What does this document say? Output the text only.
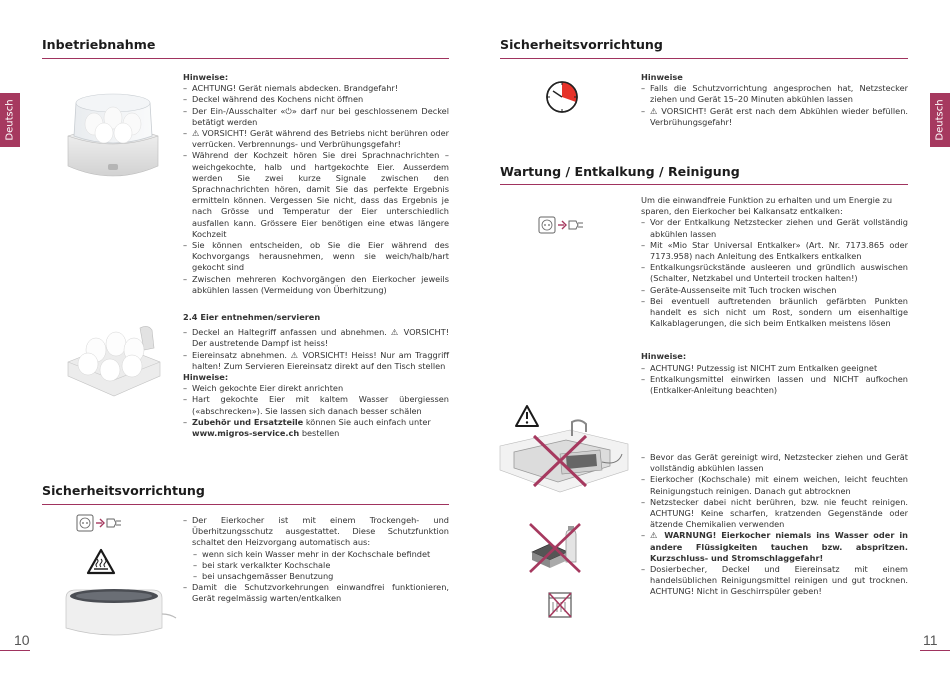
Inbetriebnahme
Deutsch

Hinweise:

– ACHTUNG! Gerät niemals abdecken. Brandgefahr!

– Deckel während des Kochens nicht öffnen

– Der Ein-/Ausschalter «⏻» darf nur bei geschlossenem Deckel betätigt werden

– ⚠ VORSICHT! Gerät während des Betriebs nicht berühren oder verrücken. Verbrennungs- und Verbrühungsgefahr!

– Während der Kochzeit hören Sie drei Sprachnachrichten – weichgekochte, halb und hartgekochte Eier. Ausserdem werden Sie zwei kurze Signale zwischen den Sprachnachrichten hören, damit Sie das perfekte Ergebnis ermitteln können. Vergessen Sie nicht, dass das Ergebnis je nach Grösse und Temperatur der Eier unterschiedlich ausfallen kann. Grössere Eier benötigen eine etwas längere Kochzeit

– Sie können entscheiden, ob Sie die Eier während des Kochvorgangs herausnehmen, wenn sie weich/halb/hart gekocht sind

– Zwischen mehreren Kochvorgängen den Eierkocher jeweils abkühlen lassen (Vermeidung von Überhitzung)

2.4 Eier entnehmen/servieren

– Deckel an Haltegriff anfassen und abnehmen. ⚠ VORSICHT! Der austretende Dampf ist heiss!

– Eiereinsatz abnehmen. ⚠ VORSICHT! Heiss! Nur am Traggriff halten! Zum Servieren Eiereinsatz direkt auf den Tisch stellen

Hinweise:

– Weich gekochte Eier direkt anrichten

– Hart gekochte Eier mit kaltem Wasser übergiessen («abschrecken»). Sie lassen sich danach besser schälen

– Zubehör und Ersatzteile können Sie auch einfach unter
www.migros-service.ch bestellen

Sicherheitsvorrichtung

– Der Eierkocher ist mit einem Trockengeh- und Überhitzungsschutz ausgestattet. Diese Schutzfunktion schaltet den Heizvorgang automatisch aus:

– wenn sich kein Wasser mehr in der Kochschale befindet

– bei stark verkalkter Kochschale

– bei unsachgemässer Benutzung

– Damit die Schutzvorkehrungen einwandfrei funktionieren, Gerät regelmässig warten/entkalken

10
Sicherheitsvorrichtung
Deutsch

Hinweise

– Falls die Schutzvorrichtung angesprochen hat, Netzstecker ziehen und Gerät 15–20 Minuten abkühlen lassen

– ⚠ VORSICHT! Gerät erst nach dem Abkühlen wieder befüllen. Verbrühungsgefahr!

Wartung / Entkalkung / Reinigung

Um die einwandfreie Funktion zu erhalten und um Energie zu sparen, den Eierkocher bei Kalkansatz entkalken:

– Vor der Entkalkung Netzstecker ziehen und Gerät vollständig abkühlen lassen

– Mit «Mio Star Universal Entkalker» (Art. Nr. 7173.865 oder 7173.958) nach Anleitung des Entkalkers entkalken

– Entkalkungsrückstände ausleeren und gründlich auswischen (Schalter, Netzkabel und Unterteil trocken halten!)

– Geräte-Aussenseite mit Tuch trocken wischen

– Bei eventuell auftretenden bräunlich gefärbten Punkten handelt es sich nicht um Rost, sondern um eisenhaltige Kalkablagerungen, die sich beim Entkalken meistens lösen

Hinweise:

– ACHTUNG! Putzessig ist NICHT zum Entkalken geeignet

– Entkalkungsmittel einwirken lassen und NICHT aufkochen (Entkalker-Anleitung beachten)

– Bevor das Gerät gereinigt wird, Netzstecker ziehen und Gerät vollständig abkühlen lassen

– Eierkocher (Kochschale) mit einem weichen, leicht feuchten Reinigungstuch reinigen. Danach gut abtrocknen

– Netzstecker dabei nicht berühren, bzw. nie feucht reinigen. ACHTUNG! Keine scharfen, kratzenden Gegenstände oder ätzende Chemikalien verwenden

– ⚠ WARNUNG! Eierkocher niemals ins Wasser oder in andere Flüssigkeiten tauchen bzw. abspritzen. Kurzschluss- und Stromschlaggefahr!

– Dosierbecher, Deckel und Eiereinsatz mit einem handelsüblichen Reinigungsmittel reinigen und gut trocknen. ACHTUNG! Nicht in Geschirrspüler geben!

11
